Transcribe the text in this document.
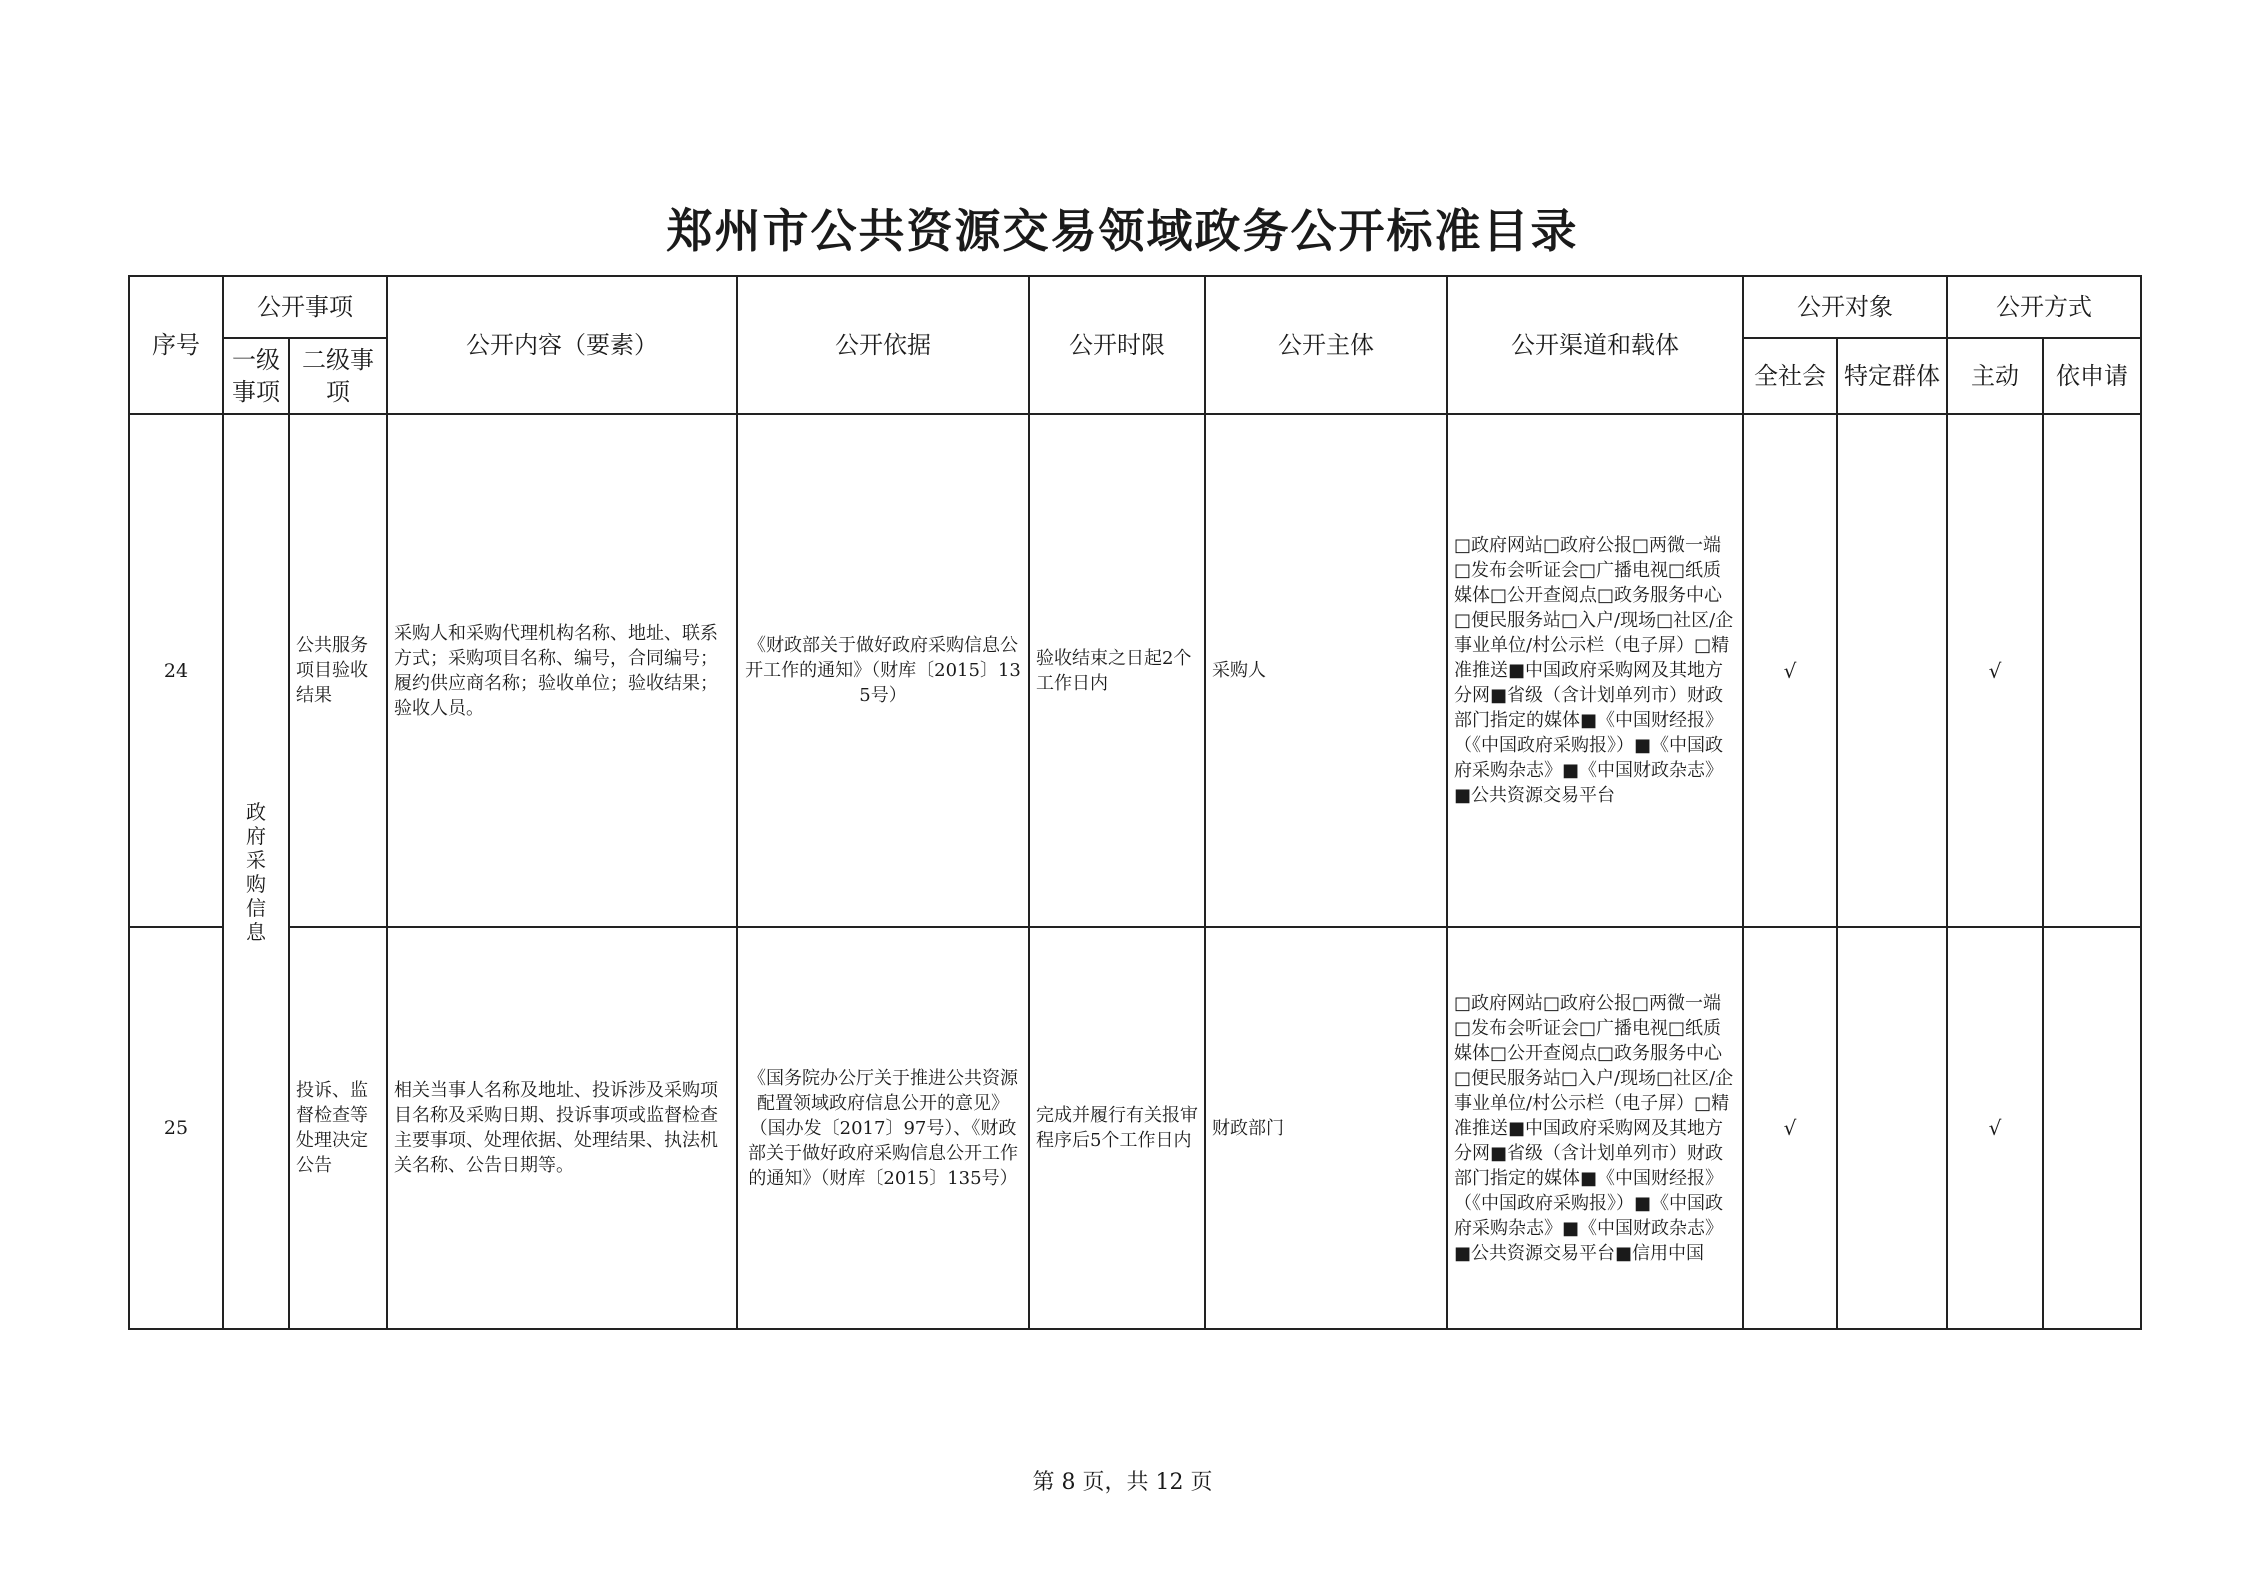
郑州市公共资源交易领域政务公开标准目录
序号	公开事项		公开内容（要素）	公开依据	公开时限	公开主体	公开渠道和载体	公开对象		公开方式	
	一级事项	二级事项						全社会	特定群体	主动	依申请
24	政府采购信息	公共服务项目验收结果	采购人和采购代理机构名称、地址、联系方式；采购项目名称、编号，合同编号；履约供应商名称；验收单位；验收结果；验收人员。	《财政部关于做好政府采购信息公开工作的通知》（财库〔2015〕135号）	验收结束之日起2个工作日内	采购人	□政府网站□政府公报□两微一端□发布会听证会□广播电视□纸质媒体□公开查阅点□政务服务中心□便民服务站□入户/现场□社区/企事业单位/村公示栏（电子屏）□精准推送■中国政府采购网及其地方分网■省级（含计划单列市）财政部门指定的媒体■《中国财经报》（《中国政府采购报》）■《中国政府采购杂志》■《中国财政杂志》■公共资源交易平台	√		√	
25		投诉、监督检查等处理决定公告	相关当事人名称及地址、投诉涉及采购项目名称及采购日期、投诉事项或监督检查主要事项、处理依据、处理结果、执法机关名称、公告日期等。	《国务院办公厅关于推进公共资源配置领域政府信息公开的意见》（国办发〔2017〕97号）、《财政部关于做好政府采购信息公开工作的通知》（财库〔2015〕135号）	完成并履行有关报审程序后5个工作日内	财政部门	□政府网站□政府公报□两微一端□发布会听证会□广播电视□纸质媒体□公开查阅点□政务服务中心□便民服务站□入户/现场□社区/企事业单位/村公示栏（电子屏）□精准推送■中国政府采购网及其地方分网■省级（含计划单列市）财政部门指定的媒体■《中国财经报》（《中国政府采购报》）■《中国政府采购杂志》■《中国财政杂志》■公共资源交易平台■信用中国	√		√	
第 8 页，共 12 页
